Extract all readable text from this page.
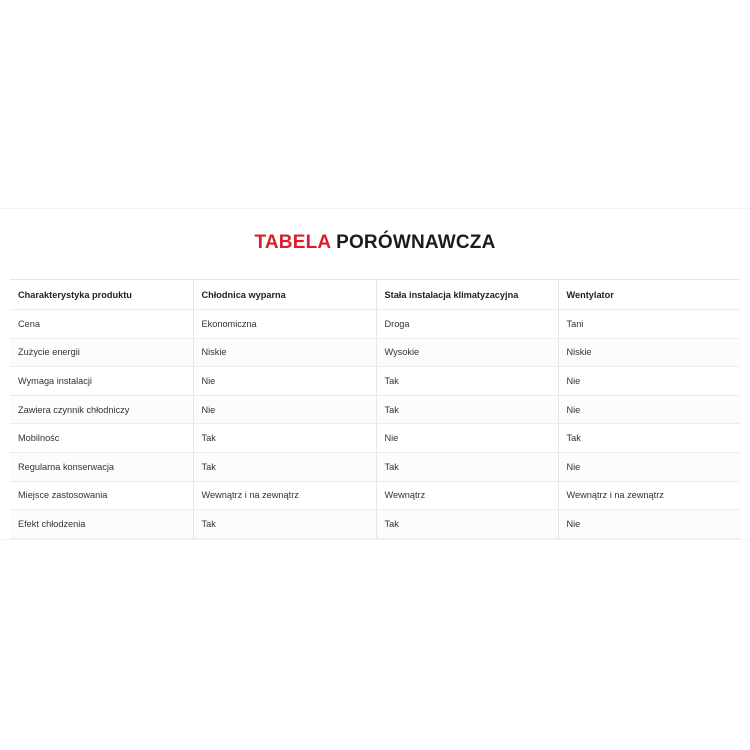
TABELA PORÓWNAWCZA
Charakterystyka produktu	Chłodnica wyparna	Stała instalacja klimatyzacyjna	Wentylator
Cena	Ekonomiczna	Droga	Tani
Zużycie energii	Niskie	Wysokie	Niskie
Wymaga instalacji	Nie	Tak	Nie
Zawiera czynnik chłodniczy	Nie	Tak	Nie
Mobilnośc	Tak	Nie	Tak
Regularna konserwacja	Tak	Tak	Nie
Miejsce zastosowania	Wewnątrz i na zewnątrz	Wewnątrz	Wewnątrz i na zewnątrz
Efekt chłodzenia	Tak	Tak	Nie
